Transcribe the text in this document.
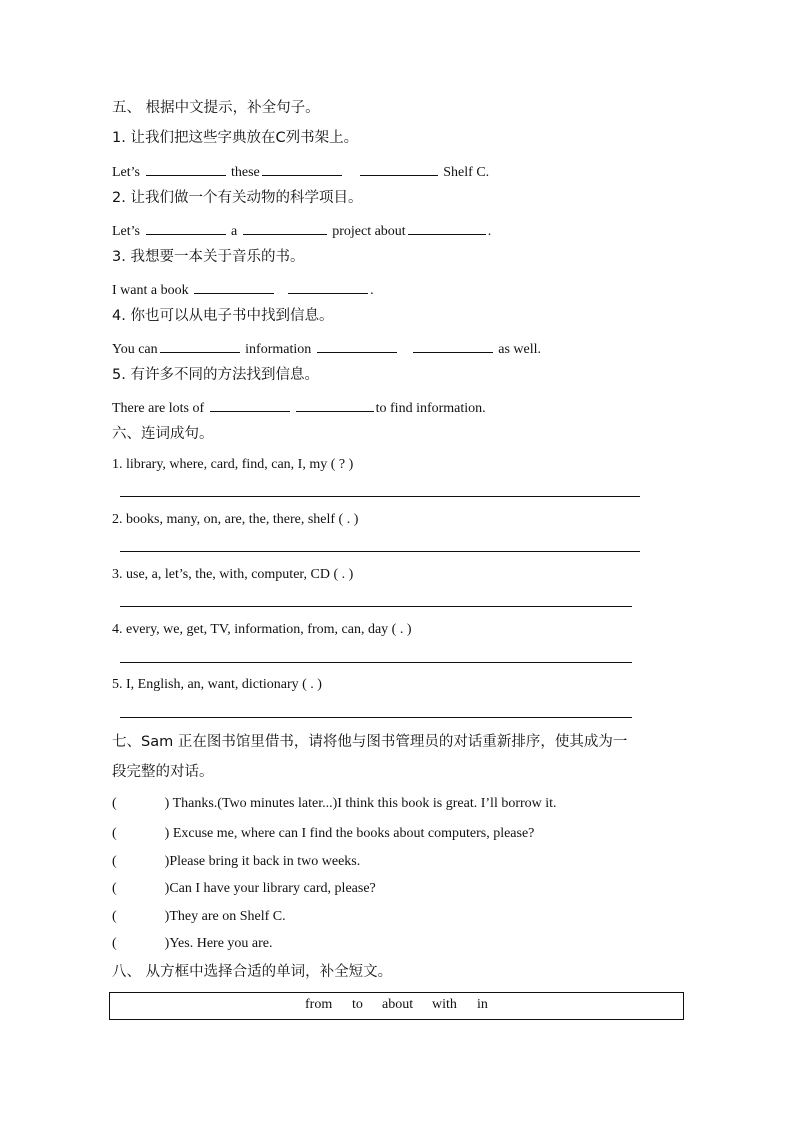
五、 根据中文提示，补全句子。
1. 让我们把这些字典放在C列书架上。
Let’s	these	Shelf C.
2. 让我们做一个有关动物的科学项目。
Let’s	a	project about	.
3. 我想要一本关于音乐的书。
I want a book	.
4. 你也可以从电子书中找到信息。
You can	information	as well.
5. 有许多不同的方法找到信息。
There are lots of	to find information.
六、连词成句。
1. library, where, card, find, can, I, my ( ? )
2. books, many, on, are, the, there, shelf ( . )
3. use, a, let’s, the, with, computer, CD ( . )
4. every, we, get, TV, information, from, can, day ( . )
5. I, English, an, want, dictionary ( . )
七、Sam 正在图书馆里借书，请将他与图书管理员的对话重新排序，使其成为一
段完整的对话。
(	) Thanks.(Two minutes later...)I think this book is great. I’ll borrow it.
(	) Excuse me, where can I find the books about computers, please?
(	)Please bring it back in two weeks.
(	)Can I have your library card, please?
(	)They are on Shelf C.
(	)Yes. Here you are.
八、 从方框中选择合适的单词，补全短文。
from to about with in
